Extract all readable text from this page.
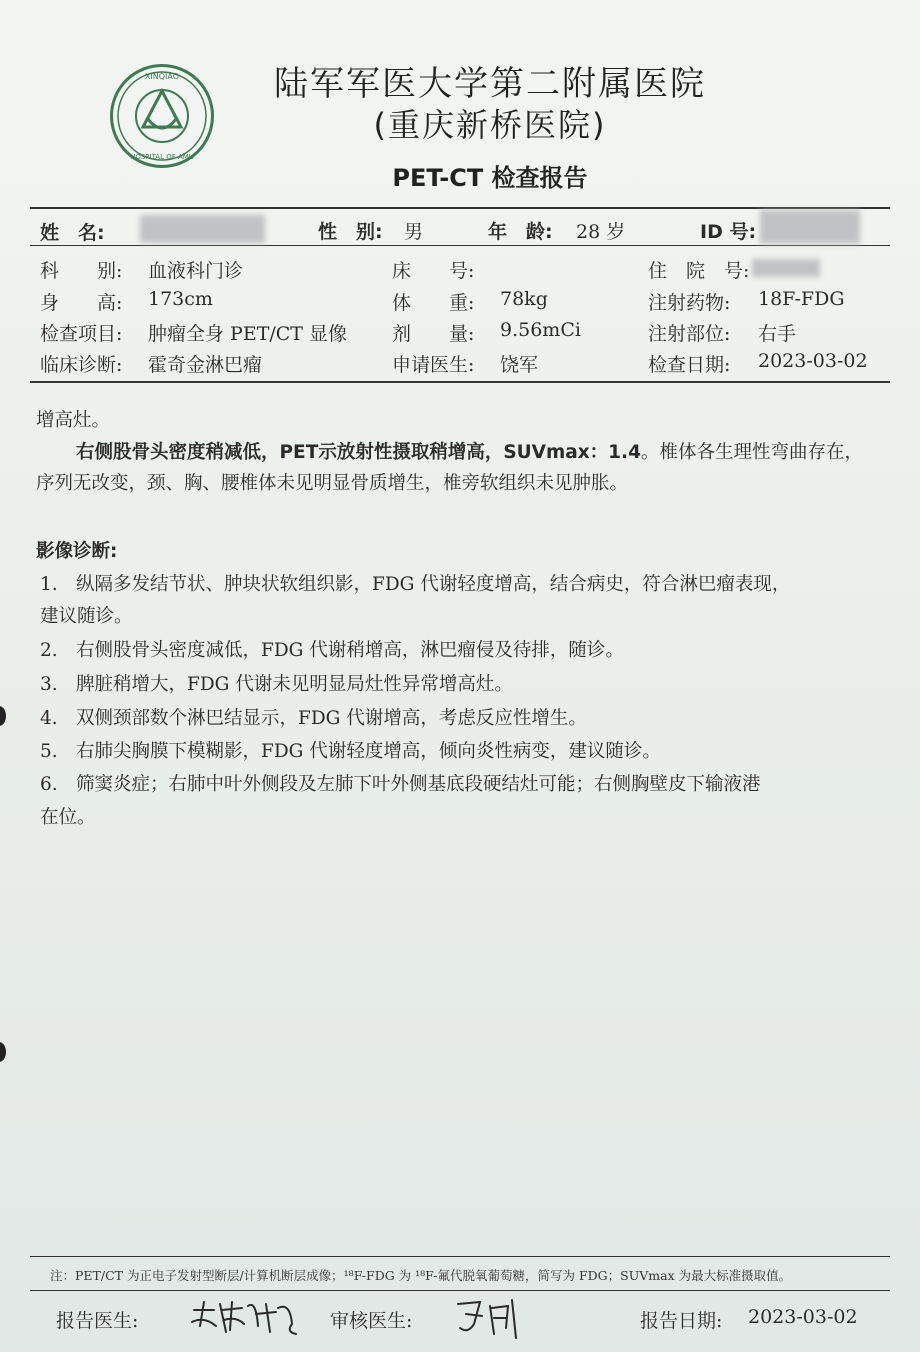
XINQIAO
HOSPITAL OF AMU
陆军军医大学第二附属医院
(重庆新桥医院)
PET-CT 检查报告
姓　名:	性　别: 男	年　龄: 28 岁	ID 号:
科　　别: 血液科门诊	床　　号:	住　院　号:
身　　高: 173cm	体　　重: 78kg	注射药物: 18F-FDG
检查项目: 肿瘤全身 PET/CT 显像 剂　　量: 9.56mCi	注射部位: 右手
临床诊断: 霍奇金淋巴瘤	申请医生: 饶军	检查日期: 2023-03-02
增高灶。
右侧股骨头密度稍减低，PET示放射性摄取稍增高，SUVmax：1.4。椎体各生理性弯曲存在，
序列无改变，颈、胸、腰椎体未见明显骨质增生，椎旁软组织未见肿胀。
影像诊断:
1. 纵隔多发结节状、肿块状软组织影，FDG 代谢轻度增高，结合病史，符合淋巴瘤表现，
建议随诊。
2. 右侧股骨头密度减低，FDG 代谢稍增高，淋巴瘤侵及待排，随诊。
3. 脾脏稍增大，FDG 代谢未见明显局灶性异常增高灶。
4. 双侧颈部数个淋巴结显示，FDG 代谢增高，考虑反应性增生。
5. 右肺尖胸膜下模糊影，FDG 代谢轻度增高，倾向炎性病变，建议随诊。
6. 筛窦炎症；右肺中叶外侧段及左肺下叶外侧基底段硬结灶可能；右侧胸壁皮下输液港
在位。
注：PET/CT 为正电子发射型断层/计算机断层成像；¹⁸F-FDG 为 ¹⁸F-氟代脱氧葡萄糖，简写为 FDG；SUVmax 为最大标准摄取值。
报告医生:	审核医生:	报告日期: 2023-03-02
